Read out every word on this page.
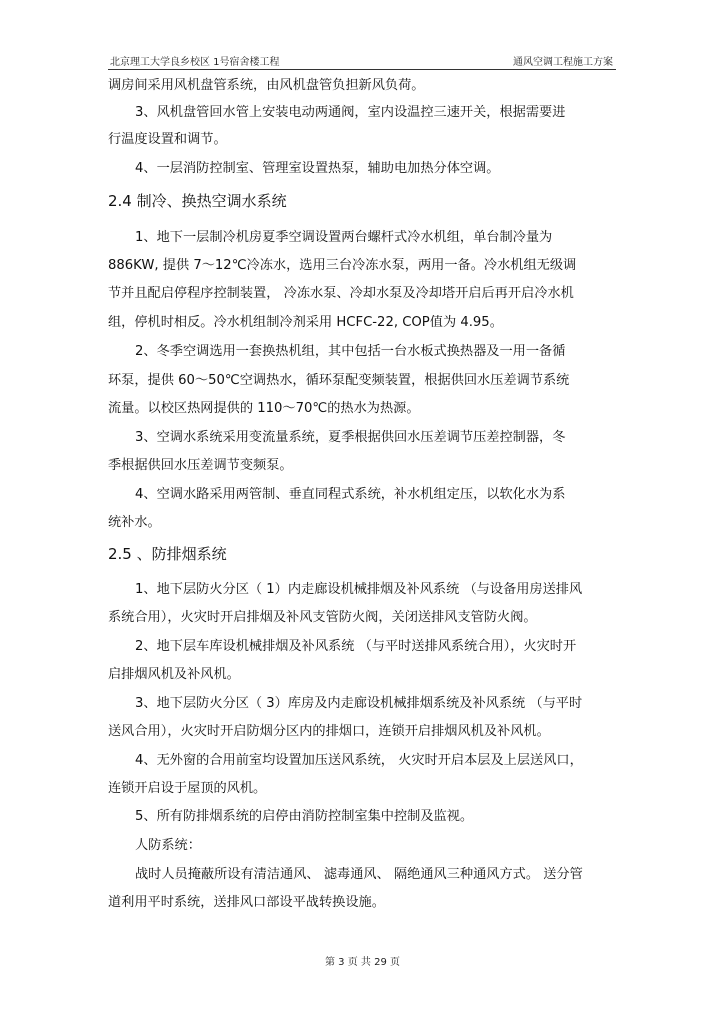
北京理工大学良乡校区 1号宿舍楼工程	通风空调工程施工方案
调房间采用风机盘管系统，由风机盘管负担新风负荷。
3、风机盘管回水管上安装电动两通阀，室内设温控三速开关，根据需要进
行温度设置和调节。
4、一层消防控制室、管理室设置热泵，辅助电加热分体空调。
2.4 制冷、换热空调水系统
1、地下一层制冷机房夏季空调设置两台螺杆式冷水机组，单台制冷量为
886KW, 提供 7～12℃冷冻水，选用三台冷冻水泵，两用一备。冷水机组无级调
节并且配启停程序控制装置， 冷冻水泵、冷却水泵及冷却塔开启后再开启冷水机
组，停机时相反。冷水机组制冷剂采用 HCFC-22, COP值为 4.95。
2、冬季空调选用一套换热机组，其中包括一台水板式换热器及一用一备循
环泵，提供 60～50℃空调热水，循环泵配变频装置，根据供回水压差调节系统
流量。以校区热网提供的 110～70℃的热水为热源。
3、空调水系统采用变流量系统，夏季根据供回水压差调节压差控制器，冬
季根据供回水压差调节变频泵。
4、空调水路采用两管制、垂直同程式系统，补水机组定压，以软化水为系
统补水。
2.5 、防排烟系统
1、地下层防火分区（ 1）内走廊设机械排烟及补风系统 （与设备用房送排风
系统合用），火灾时开启排烟及补风支管防火阀，关闭送排风支管防火阀。
2、地下层车库设机械排烟及补风系统 （与平时送排风系统合用），火灾时开
启排烟风机及补风机。
3、地下层防火分区（ 3）库房及内走廊设机械排烟系统及补风系统 （与平时
送风合用），火灾时开启防烟分区内的排烟口，连锁开启排烟风机及补风机。
4、无外窗的合用前室均设置加压送风系统， 火灾时开启本层及上层送风口，
连锁开启设于屋顶的风机。
5、所有防排烟系统的启停由消防控制室集中控制及监视。
人防系统：
战时人员掩蔽所设有清洁通风、 滤毒通风、 隔绝通风三种通风方式。 送分管
道利用平时系统，送排风口部设平战转换设施。
第 3 页 共 29 页
